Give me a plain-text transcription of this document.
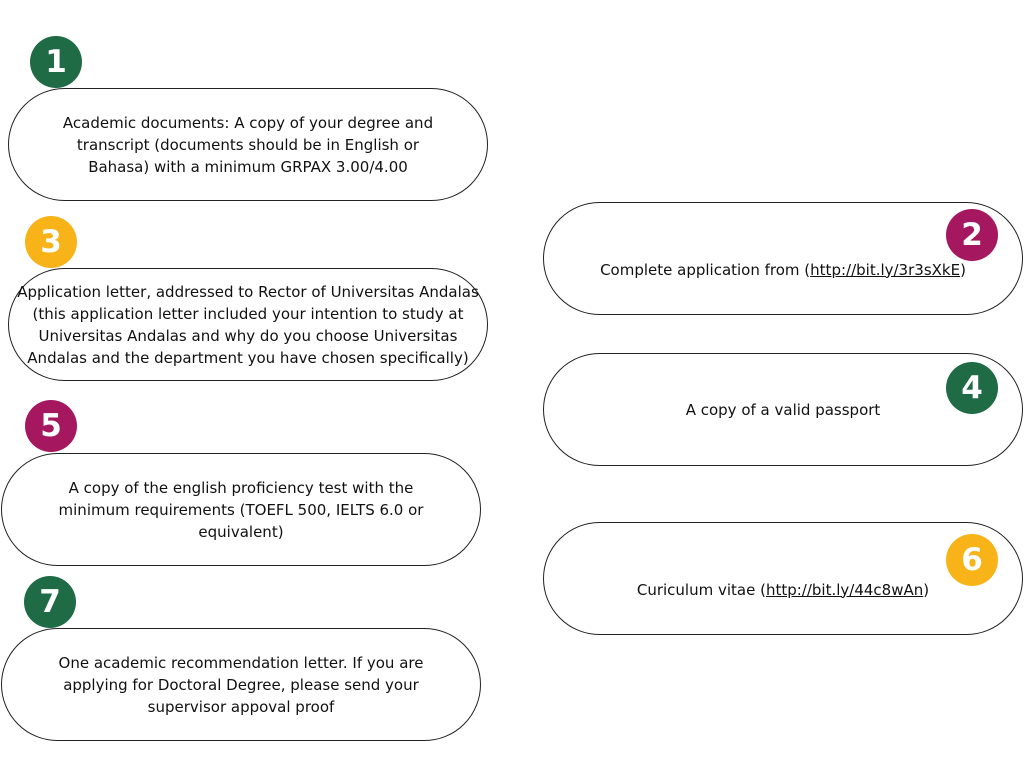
Academic documents: A copy of your degree and
transcript (documents should be in English or
Bahasa) with a minimum GRPAX 3.00/4.00
1
Application letter, addressed to Rector of Universitas Andalas
(this application letter included your intention to study at
Universitas Andalas and why do you choose Universitas
Andalas and the department you have chosen specifically)
3
A copy of the english proficiency test with the
minimum requirements (TOEFL 500, IELTS 6.0 or
equivalent)
5
One academic recommendation letter. If you are
applying for Doctoral Degree, please send your
supervisor appoval proof
7

Complete application from (http://bit.ly/3r3sXkE)

2
A copy of a valid passport
4

Curiculum vitae (http://bit.ly/44c8wAn)

6
